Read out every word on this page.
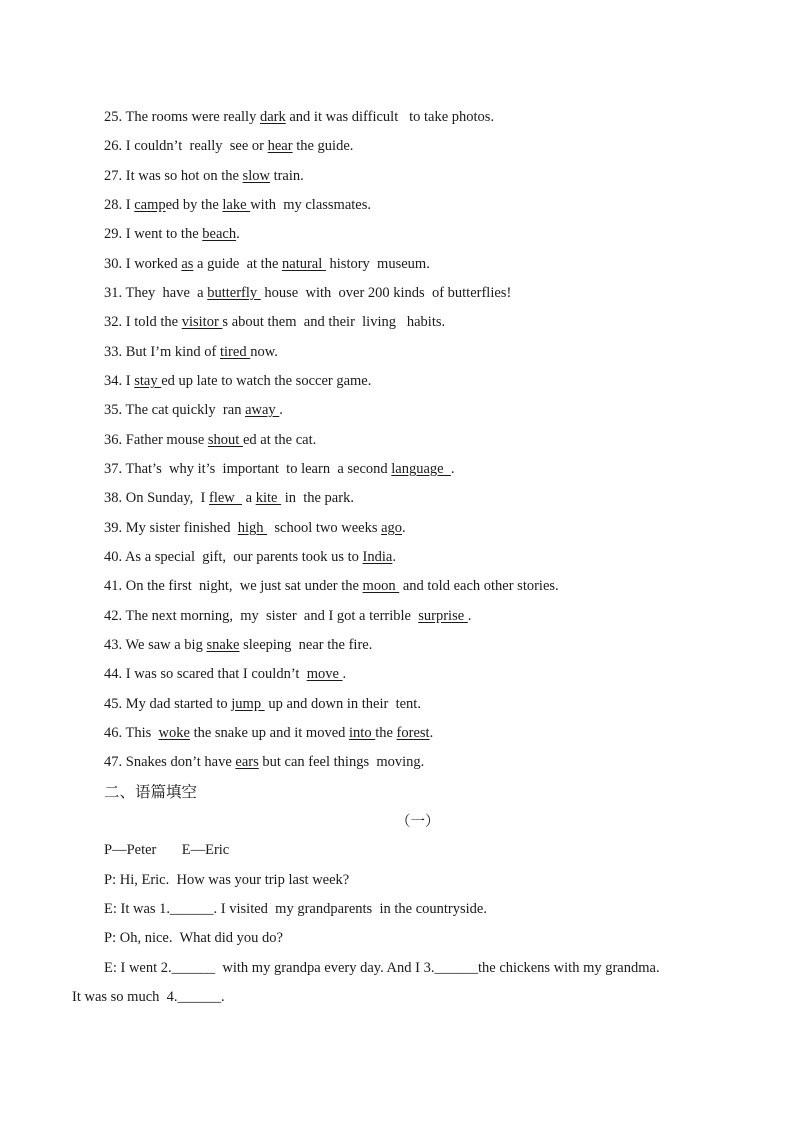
25. The rooms were really dark and it was difficult   to take photos.
26. I couldn’t  really  see or hear the guide.
27. It was so hot on the slow train.
28. I camped by the lake with  my classmates.
29. I went to the beach.
30. I worked as a guide  at the natural  history  museum.
31. They  have  a butterfly  house  with  over 200 kinds  of butterflies!
32. I told the visitor s about them  and their  living   habits.
33. But I’m kind of tired now.
34. I stay ed up late to watch the soccer game.
35. The cat quickly  ran away .
36. Father mouse shout ed at the cat.
37. That’s  why it’s  important  to learn  a second language  .
38. On Sunday,  I flew   a kite  in  the park.
39. My sister finished  high   school two weeks ago.
40. As a special  gift,  our parents took us to India.
41. On the first  night,  we just sat under the moon  and told each other stories.
42. The next morning,  my  sister  and I got a terrible  surprise .
43. We saw a big snake sleeping  near the fire.
44. I was so scared that I couldn’t  move .
45. My dad started to jump  up and down in their  tent.
46. This  woke the snake up and it moved into the forest.
47. Snakes don’t have ears but can feel things  moving.
二、语篇填空
（一）
P—Peter       E—Eric
P: Hi, Eric.  How was your trip last week?
E: It was 1.______. I visited  my grandparents  in the countryside.
P: Oh, nice.  What did you do?
E: I went 2.______  with my grandpa every day. And I 3.______the chickens with my grandma.
It was so much  4.______.
